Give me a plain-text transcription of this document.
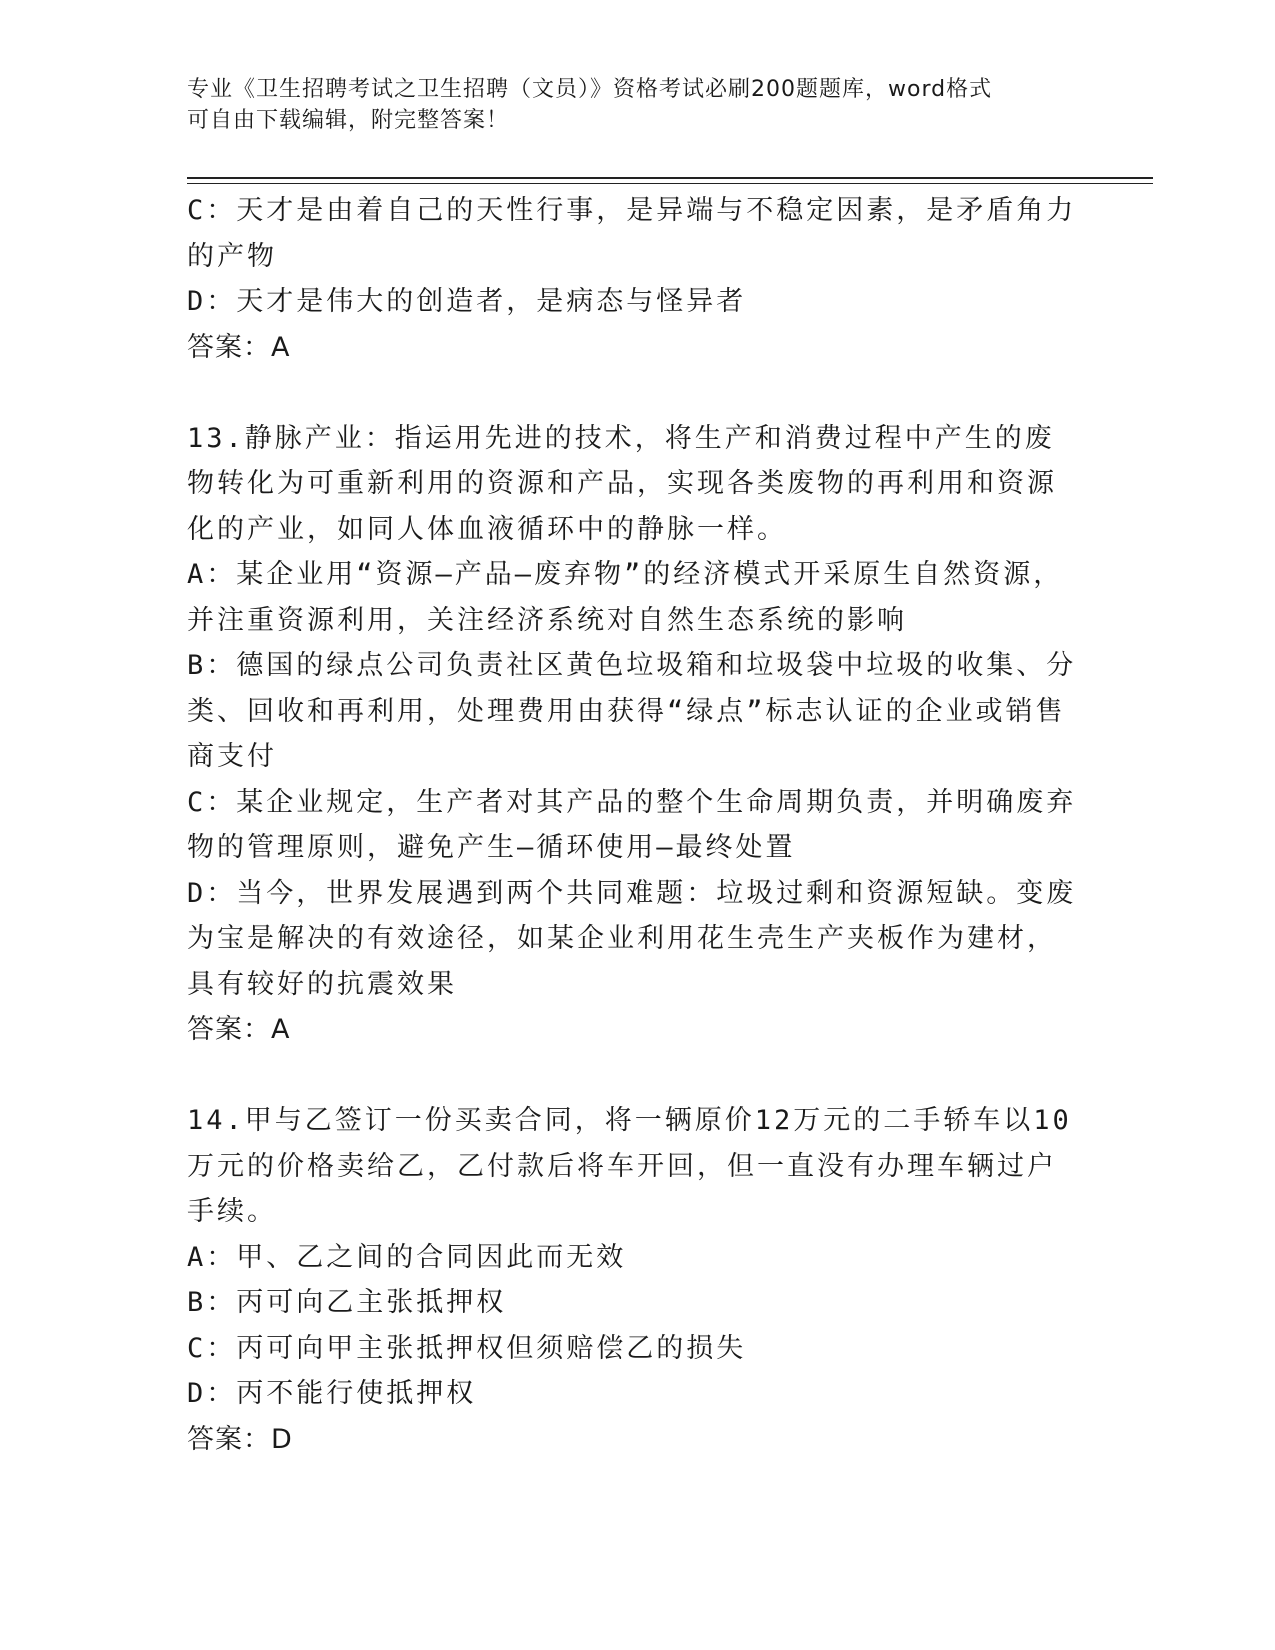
专业《卫生招聘考试之卫生招聘（文员）》资格考试必刷200题题库，word格式

可自由下载编辑，附完整答案！

C：天才是由着自己的天性行事，是异端与不稳定因素，是矛盾角力的产物

D：天才是伟大的创造者，是病态与怪异者

答案：A

13.静脉产业：指运用先进的技术，将生产和消费过程中产生的废物转化为可重新利用的资源和产品，实现各类废物的再利用和资源化的产业，如同人体血液循环中的静脉一样。

A：某企业用“资源—产品—废弃物”的经济模式开采原生自然资源，并注重资源利用，关注经济系统对自然生态系统的影响

B：德国的绿点公司负责社区黄色垃圾箱和垃圾袋中垃圾的收集、分类、回收和再利用，处理费用由获得“绿点”标志认证的企业或销售商支付

C：某企业规定，生产者对其产品的整个生命周期负责，并明确废弃物的管理原则，避免产生—循环使用—最终处置

D：当今，世界发展遇到两个共同难题：垃圾过剩和资源短缺。变废为宝是解决的有效途径，如某企业利用花生壳生产夹板作为建材，具有较好的抗震效果

答案：A

14.甲与乙签订一份买卖合同，将一辆原价12万元的二手轿车以10万元的价格卖给乙，乙付款后将车开回，但一直没有办理车辆过户手续。

A：甲、乙之间的合同因此而无效

B：丙可向乙主张抵押权

C：丙可向甲主张抵押权但须赔偿乙的损失

D：丙不能行使抵押权

答案：D
